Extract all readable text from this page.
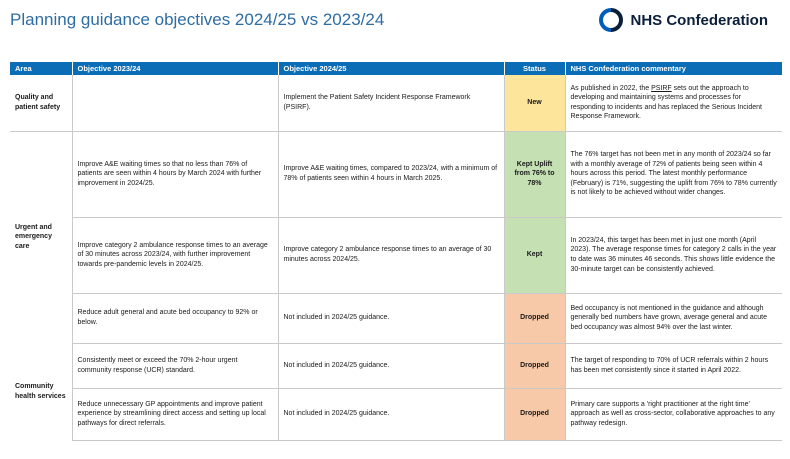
Planning guidance objectives 2024/25 vs 2023/24	NHS Confederation
Area	Objective 2023/24	Objective 2024/25	Status	NHS Confederation commentary
Quality and patient safety		Implement the Patient Safety Incident Response Framework (PSIRF).	New	As published in 2022, the PSIRF sets out the approach to developing and maintaining systems and processes for responding to incidents and has replaced the Serious Incident Response Framework.
Urgent and emergency care	Improve A&E waiting times so that no less than 76% of patients are seen within 4 hours by March 2024 with further improvement in 2024/25.	Improve A&E waiting times, compared to 2023/24, with a minimum of 78% of patients seen within 4 hours in March 2025.	Kept Uplift from 76% to 78%	The 76% target has not been met in any month of 2023/24 so far with a monthly average of 72% of patients being seen within 4 hours across this period. The latest monthly performance (February) is 71%, suggesting the uplift from 76% to 78% currently is not likely to be achieved without wider changes.
	Improve category 2 ambulance response times to an average of 30 minutes across 2023/24, with further improvement towards pre-pandemic levels in 2024/25.	Improve category 2 ambulance response times to an average of 30 minutes across 2024/25.	Kept	In 2023/24, this target has been met in just one month (April 2023). The average response times for category 2 calls in the year to date was 36 minutes 46 seconds. This shows little evidence the 30-minute target can be consistently achieved.
	Reduce adult general and acute bed occupancy to 92% or below.	Not included in 2024/25 guidance.	Dropped	Bed occupancy is not mentioned in the guidance and although generally bed numbers have grown, average general and acute bed occupancy was almost 94% over the last winter.
Community health services	Consistently meet or exceed the 70% 2-hour urgent community response (UCR) standard.	Not included in 2024/25 guidance.	Dropped	The target of responding to 70% of UCR referrals within 2 hours has been met consistently since it started in April 2022.
	Reduce unnecessary GP appointments and improve patient experience by streamlining direct access and setting up local pathways for direct referrals.	Not included in 2024/25 guidance.	Dropped	Primary care supports a 'right practitioner at the right time' approach as well as cross-sector, collaborative approaches to any pathway redesign.
